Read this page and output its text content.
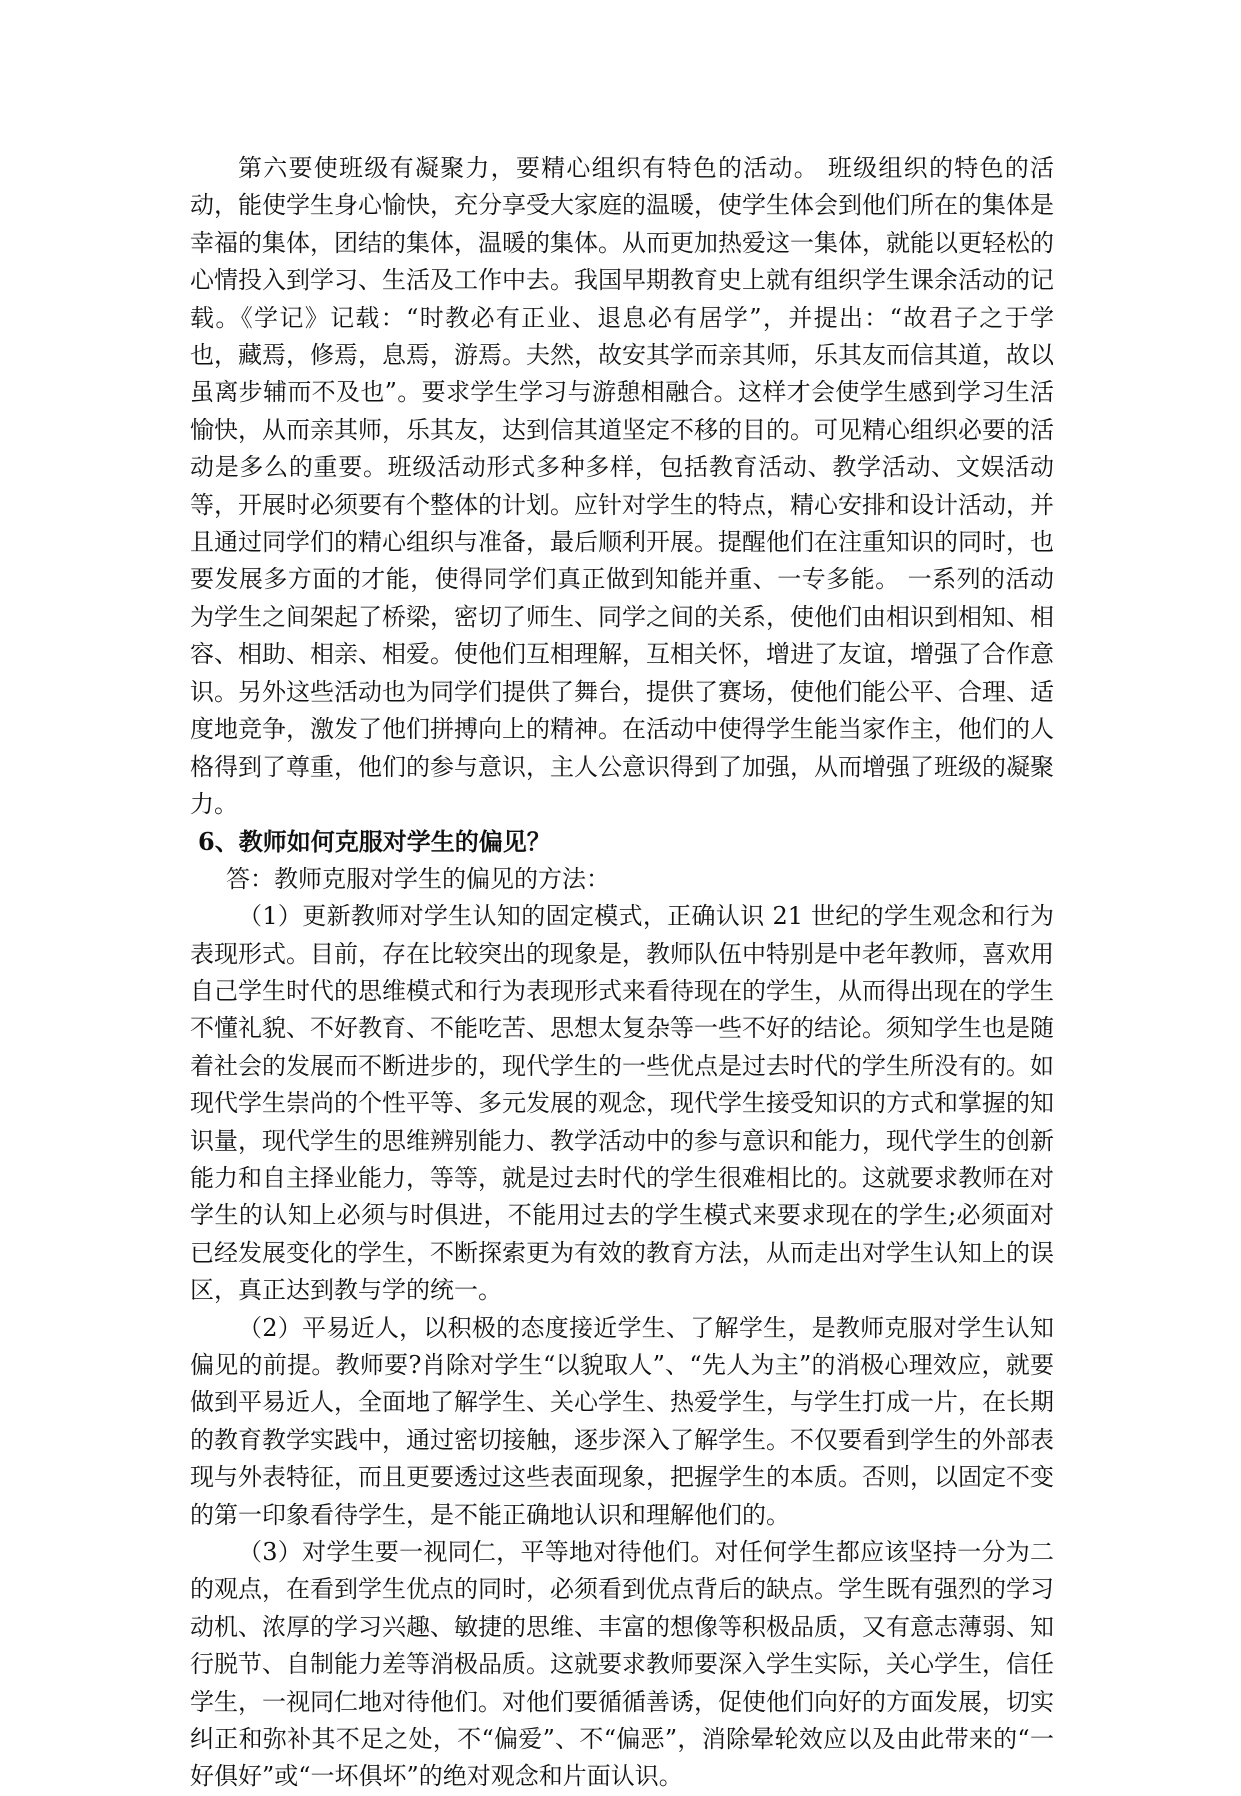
第六要使班级有凝聚力，要精心组织有特色的活动。 班级组织的特色的活动，能使学生身心愉快，充分享受大家庭的温暖，使学生体会到他们所在的集体是幸福的集体，团结的集体，温暖的集体。从而更加热爱这一集体，就能以更轻松的心情投入到学习、生活及工作中去。我国早期教育史上就有组织学生课余活动的记载。《学记》记载：“时教必有正业、退息必有居学”，并提出：“故君子之于学也，藏焉，修焉，息焉，游焉。夫然，故安其学而亲其师，乐其友而信其道，故以虽离步辅而不及也”。要求学生学习与游憩相融合。这样才会使学生感到学习生活愉快，从而亲其师，乐其友，达到信其道坚定不移的目的。可见精心组织必要的活动是多么的重要。班级活动形式多种多样，包括教育活动、教学活动、文娱活动等，开展时必须要有个整体的计划。应针对学生的特点，精心安排和设计活动，并且通过同学们的精心组织与准备，最后顺利开展。提醒他们在注重知识的同时，也要发展多方面的才能，使得同学们真正做到知能并重、一专多能。 一系列的活动为学生之间架起了桥梁，密切了师生、同学之间的关系，使他们由相识到相知、相容、相助、相亲、相爱。使他们互相理解，互相关怀，增进了友谊，增强了合作意识。另外这些活动也为同学们提供了舞台，提供了赛场，使他们能公平、合理、适度地竞争，激发了他们拼搏向上的精神。在活动中使得学生能当家作主，他们的人格得到了尊重，他们的参与意识，主人公意识得到了加强，从而增强了班级的凝聚力。

6、教师如何克服对学生的偏见？

答：教师克服对学生的偏见的方法：

（1）更新教师对学生认知的固定模式，正确认识 21 世纪的学生观念和行为表现形式。目前，存在比较突出的现象是，教师队伍中特别是中老年教师，喜欢用自己学生时代的思维模式和行为表现形式来看待现在的学生，从而得出现在的学生不懂礼貌、不好教育、不能吃苦、思想太复杂等一些不好的结论。须知学生也是随着社会的发展而不断进步的，现代学生的一些优点是过去时代的学生所没有的。如现代学生崇尚的个性平等、多元发展的观念，现代学生接受知识的方式和掌握的知识量，现代学生的思维辨别能力、教学活动中的参与意识和能力，现代学生的创新能力和自主择业能力，等等，就是过去时代的学生很难相比的。这就要求教师在对学生的认知上必须与时俱进，不能用过去的学生模式来要求现在的学生;必须面对已经发展变化的学生，不断探索更为有效的教育方法，从而走出对学生认知上的误区，真正达到教与学的统一。

（2）平易近人，以积极的态度接近学生、了解学生，是教师克服对学生认知偏见的前提。教师要?肖除对学生“以貌取人”、“先人为主”的消极心理效应，就要做到平易近人，全面地了解学生、关心学生、热爱学生，与学生打成一片，在长期的教育教学实践中，通过密切接触，逐步深入了解学生。不仅要看到学生的外部表现与外表特征，而且更要透过这些表面现象，把握学生的本质。否则，以固定不变的第一印象看待学生，是不能正确地认识和理解他们的。

（3）对学生要一视同仁，平等地对待他们。对任何学生都应该坚持一分为二的观点，在看到学生优点的同时，必须看到优点背后的缺点。学生既有强烈的学习动机、浓厚的学习兴趣、敏捷的思维、丰富的想像等积极品质，又有意志薄弱、知行脱节、自制能力差等消极品质。这就要求教师要深入学生实际，关心学生，信任学生，一视同仁地对待他们。对他们要循循善诱，促使他们向好的方面发展，切实纠正和弥补其不足之处，不“偏爱”、不“偏恶”，消除晕轮效应以及由此带来的“一好俱好”或“一坏俱坏”的绝对观念和片面认识。
